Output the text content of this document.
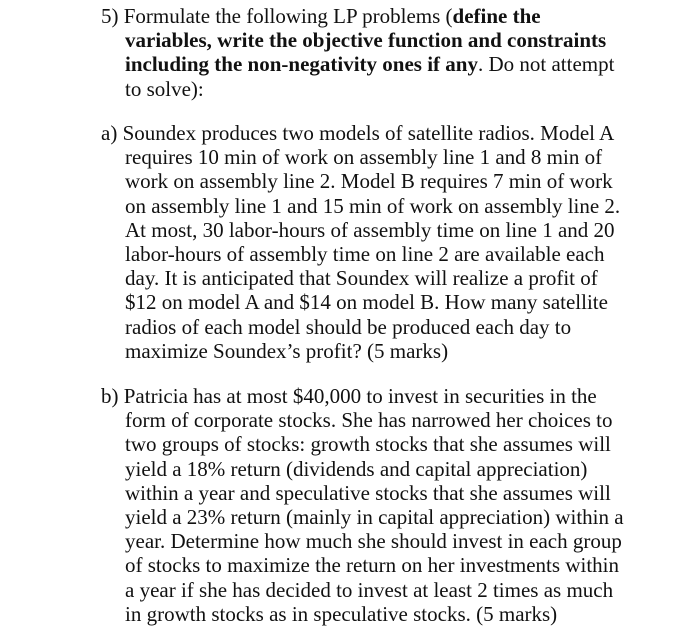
5) Formulate the following LP problems (define the
variables, write the objective function and constraints
including the non-negativity ones if any. Do not attempt
to solve):
a) Soundex produces two models of satellite radios. Model A
requires 10 min of work on assembly line 1 and 8 min of
work on assembly line 2. Model B requires 7 min of work
on assembly line 1 and 15 min of work on assembly line 2.
At most, 30 labor-hours of assembly time on line 1 and 20
labor-hours of assembly time on line 2 are available each
day. It is anticipated that Soundex will realize a profit of
$12 on model A and $14 on model B. How many satellite
radios of each model should be produced each day to
maximize Soundex’s profit? (5 marks)
b) Patricia has at most $40,000 to invest in securities in the
form of corporate stocks. She has narrowed her choices to
two groups of stocks: growth stocks that she assumes will
yield a 18% return (dividends and capital appreciation)
within a year and speculative stocks that she assumes will
yield a 23% return (mainly in capital appreciation) within a
year. Determine how much she should invest in each group
of stocks to maximize the return on her investments within
a year if she has decided to invest at least 2 times as much
in growth stocks as in speculative stocks. (5 marks)
